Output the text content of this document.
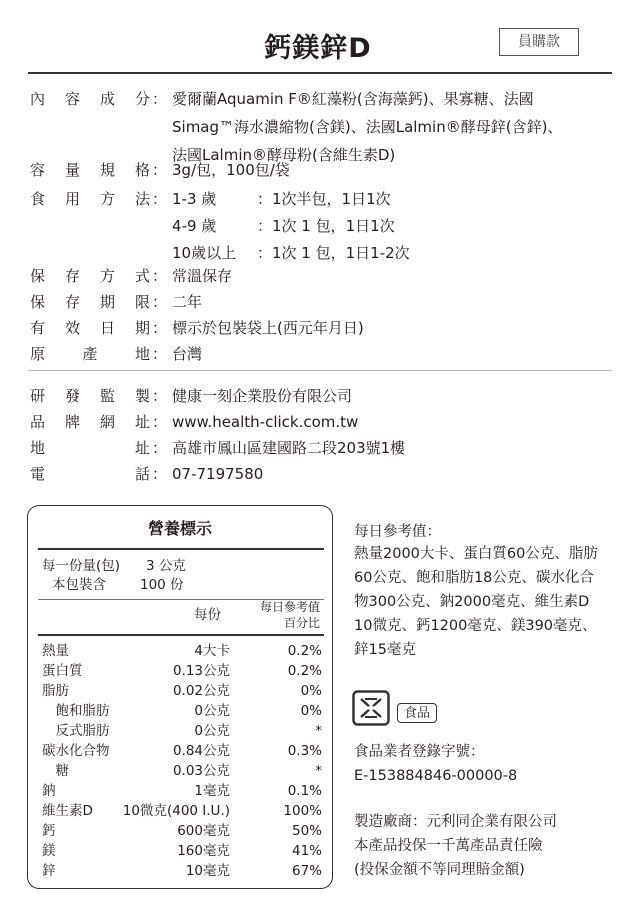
鈣鎂鋅D	員購款
內 容 成 分 ： 愛爾蘭Aquamin F®紅藻粉(含海藻鈣)、果寡糖、法國
Simag™海水濃縮物(含鎂)、法國Lalmin®酵母鋅(含鋅)、
法國Lalmin®酵母粉(含維生素D)
容 量 規 格 ： 3g/包，100包/袋
食 用 方 法 ： 1-3 歲	：1次半包，1日1次
4-9 歲	：1次 1 包，1日1次
10歲以上 ：1次 1 包，1日1-2次
保 存 方 式 ： 常溫保存
保 存 期 限 ： 二年
有 效 日 期 ： 標示於包裝袋上(西元年月日)
原 產 地 ： 台灣
研 發 監 製 ： 健康一刻企業股份有限公司
品 牌 網 址 ： www.health-click.com.tw
地	址 ： 高雄市鳳山區建國路二段203號1樓
電	話 ： 07-7197580
營養標示
每一份量(包) 3 公克
本包裝含	100 份
每份	每日參考值
百分比
熱量	4大卡	0.2%
蛋白質	0.13公克	0.2%
脂肪	0.02公克	0%
　飽和脂肪	0公克	0%
　反式脂肪	0公克	*
碳水化合物	0.84公克	0.3%
　糖	0.03公克	*
鈉	1毫克	0.1%
維生素D 10微克(400 I.U.)	100%
鈣	600毫克	50%
鎂	160毫克	41%
鋅	10毫克	67%
每日參考值：
熱量2000大卡、蛋白質60公克、脂肪
60公克、飽和脂肪18公克、碳水化合
物300公克、鈉2000毫克、維生素D
10微克、鈣1200毫克、鎂390毫克、
鋅15毫克
食品
食品業者登錄字號：
E-153884846-00000-8
製造廠商：元利同企業有限公司
本產品投保一千萬產品責任險
(投保金額不等同理賠金額)
